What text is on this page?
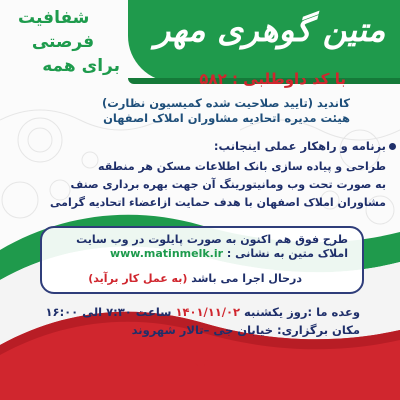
متین گوهری مهر
شفافیت
فرصتی
برای همه
با کد داوطلبی : ۵۸۲
کاندید (تایید صلاحیت شده کمیسیون نظارت)
هیئت مدیره اتحادیه مشاوران املاک اصفهان
برنامه و راهکار عملی اینجانب:
طراحی و پیاده سازی بانک اطلاعات مسکن هر منطقه
به صورت تحت وب ومانیتورینگ آن جهت بهره برداری صنف
مشاوران املاک اصفهان با هدف حمایت ازاعضاء اتحادیه گرامی
طرح فوق هم اکنون به صورت پایلوت در وب سایت
املاک متین به نشانی : www.matinmelk.ir
درحال اجرا می باشد (به عمل کار برآید)
وعده ما :روز یکشنبه ۱۴۰۱/۱۱/۰۲ ساعت ۷:۳۰ الی ۱۶:۰۰
مکان برگزاری: خیابان جی –تالار شهروند
